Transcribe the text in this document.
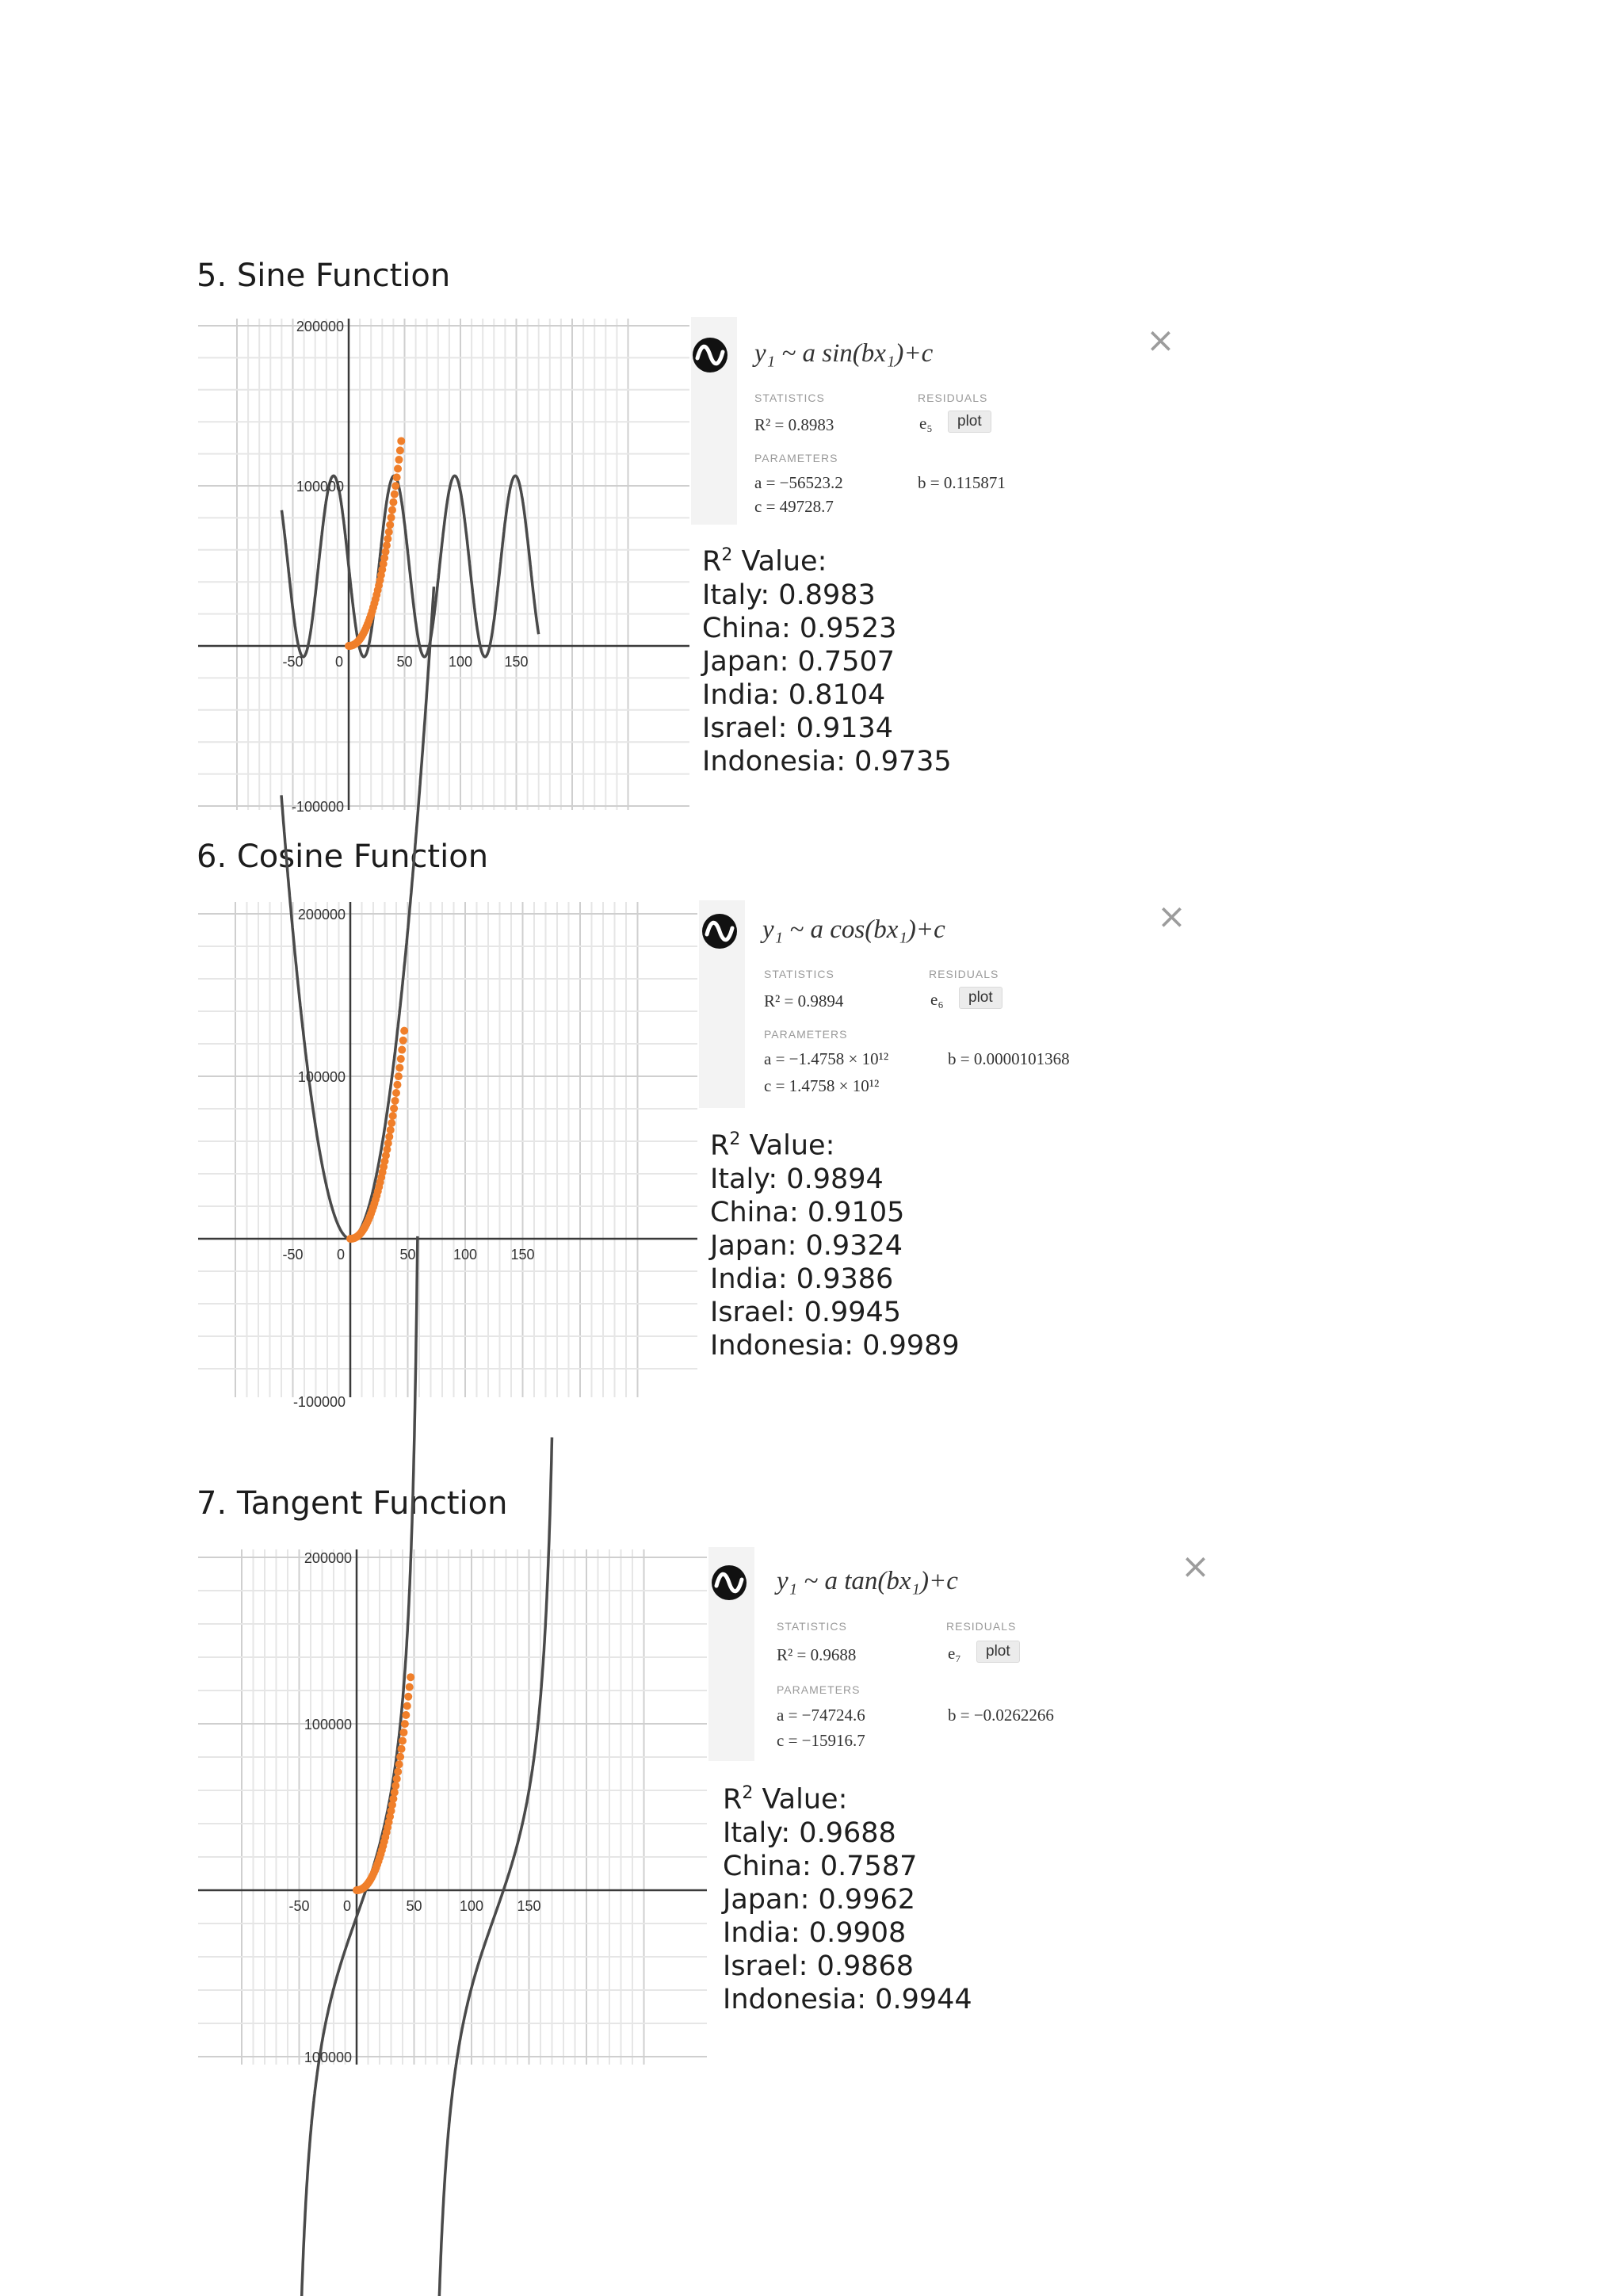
5. Sine Function
-50 0	50	100 150
200000
100000
-100000
y₁ ~ a sin(bx₁)+c
STATISTICS	RESIDUALS
R² = 0.8983	e₅	plot
PARAMETERS
a = −56523.2	b = 0.115871
c = 49728.7
×
$R^2$ Value:
Italy: 0.8983
China: 0.9523
Japan: 0.7507
India: 0.8104
Israel: 0.9134
Indonesia: 0.9735
6. Cosine Function
-50 0	50	100 150
200000
100000
-100000
y₁ ~ a cos(bx₁)+c
STATISTICS	RESIDUALS
R² = 0.9894	e₆	plot
PARAMETERS
a = −1.4758 × 10¹²	b = 0.0000101368
c = 1.4758 × 10¹²
×
$R^2$ Value:
Italy: 0.9894
China: 0.9105
Japan: 0.9324
India: 0.9386
Israel: 0.9945
Indonesia: 0.9989
7. Tangent Function
-50 0	50	100 150
200000
100000
100000
y₁ ~ a tan(bx₁)+c
STATISTICS	RESIDUALS
R² = 0.9688	e₇	plot
PARAMETERS
a = −74724.6	b = −0.0262266
c = −15916.7
×
$R^2$ Value:
Italy: 0.9688
China: 0.7587
Japan: 0.9962
India: 0.9908
Israel: 0.9868
Indonesia: 0.9944
